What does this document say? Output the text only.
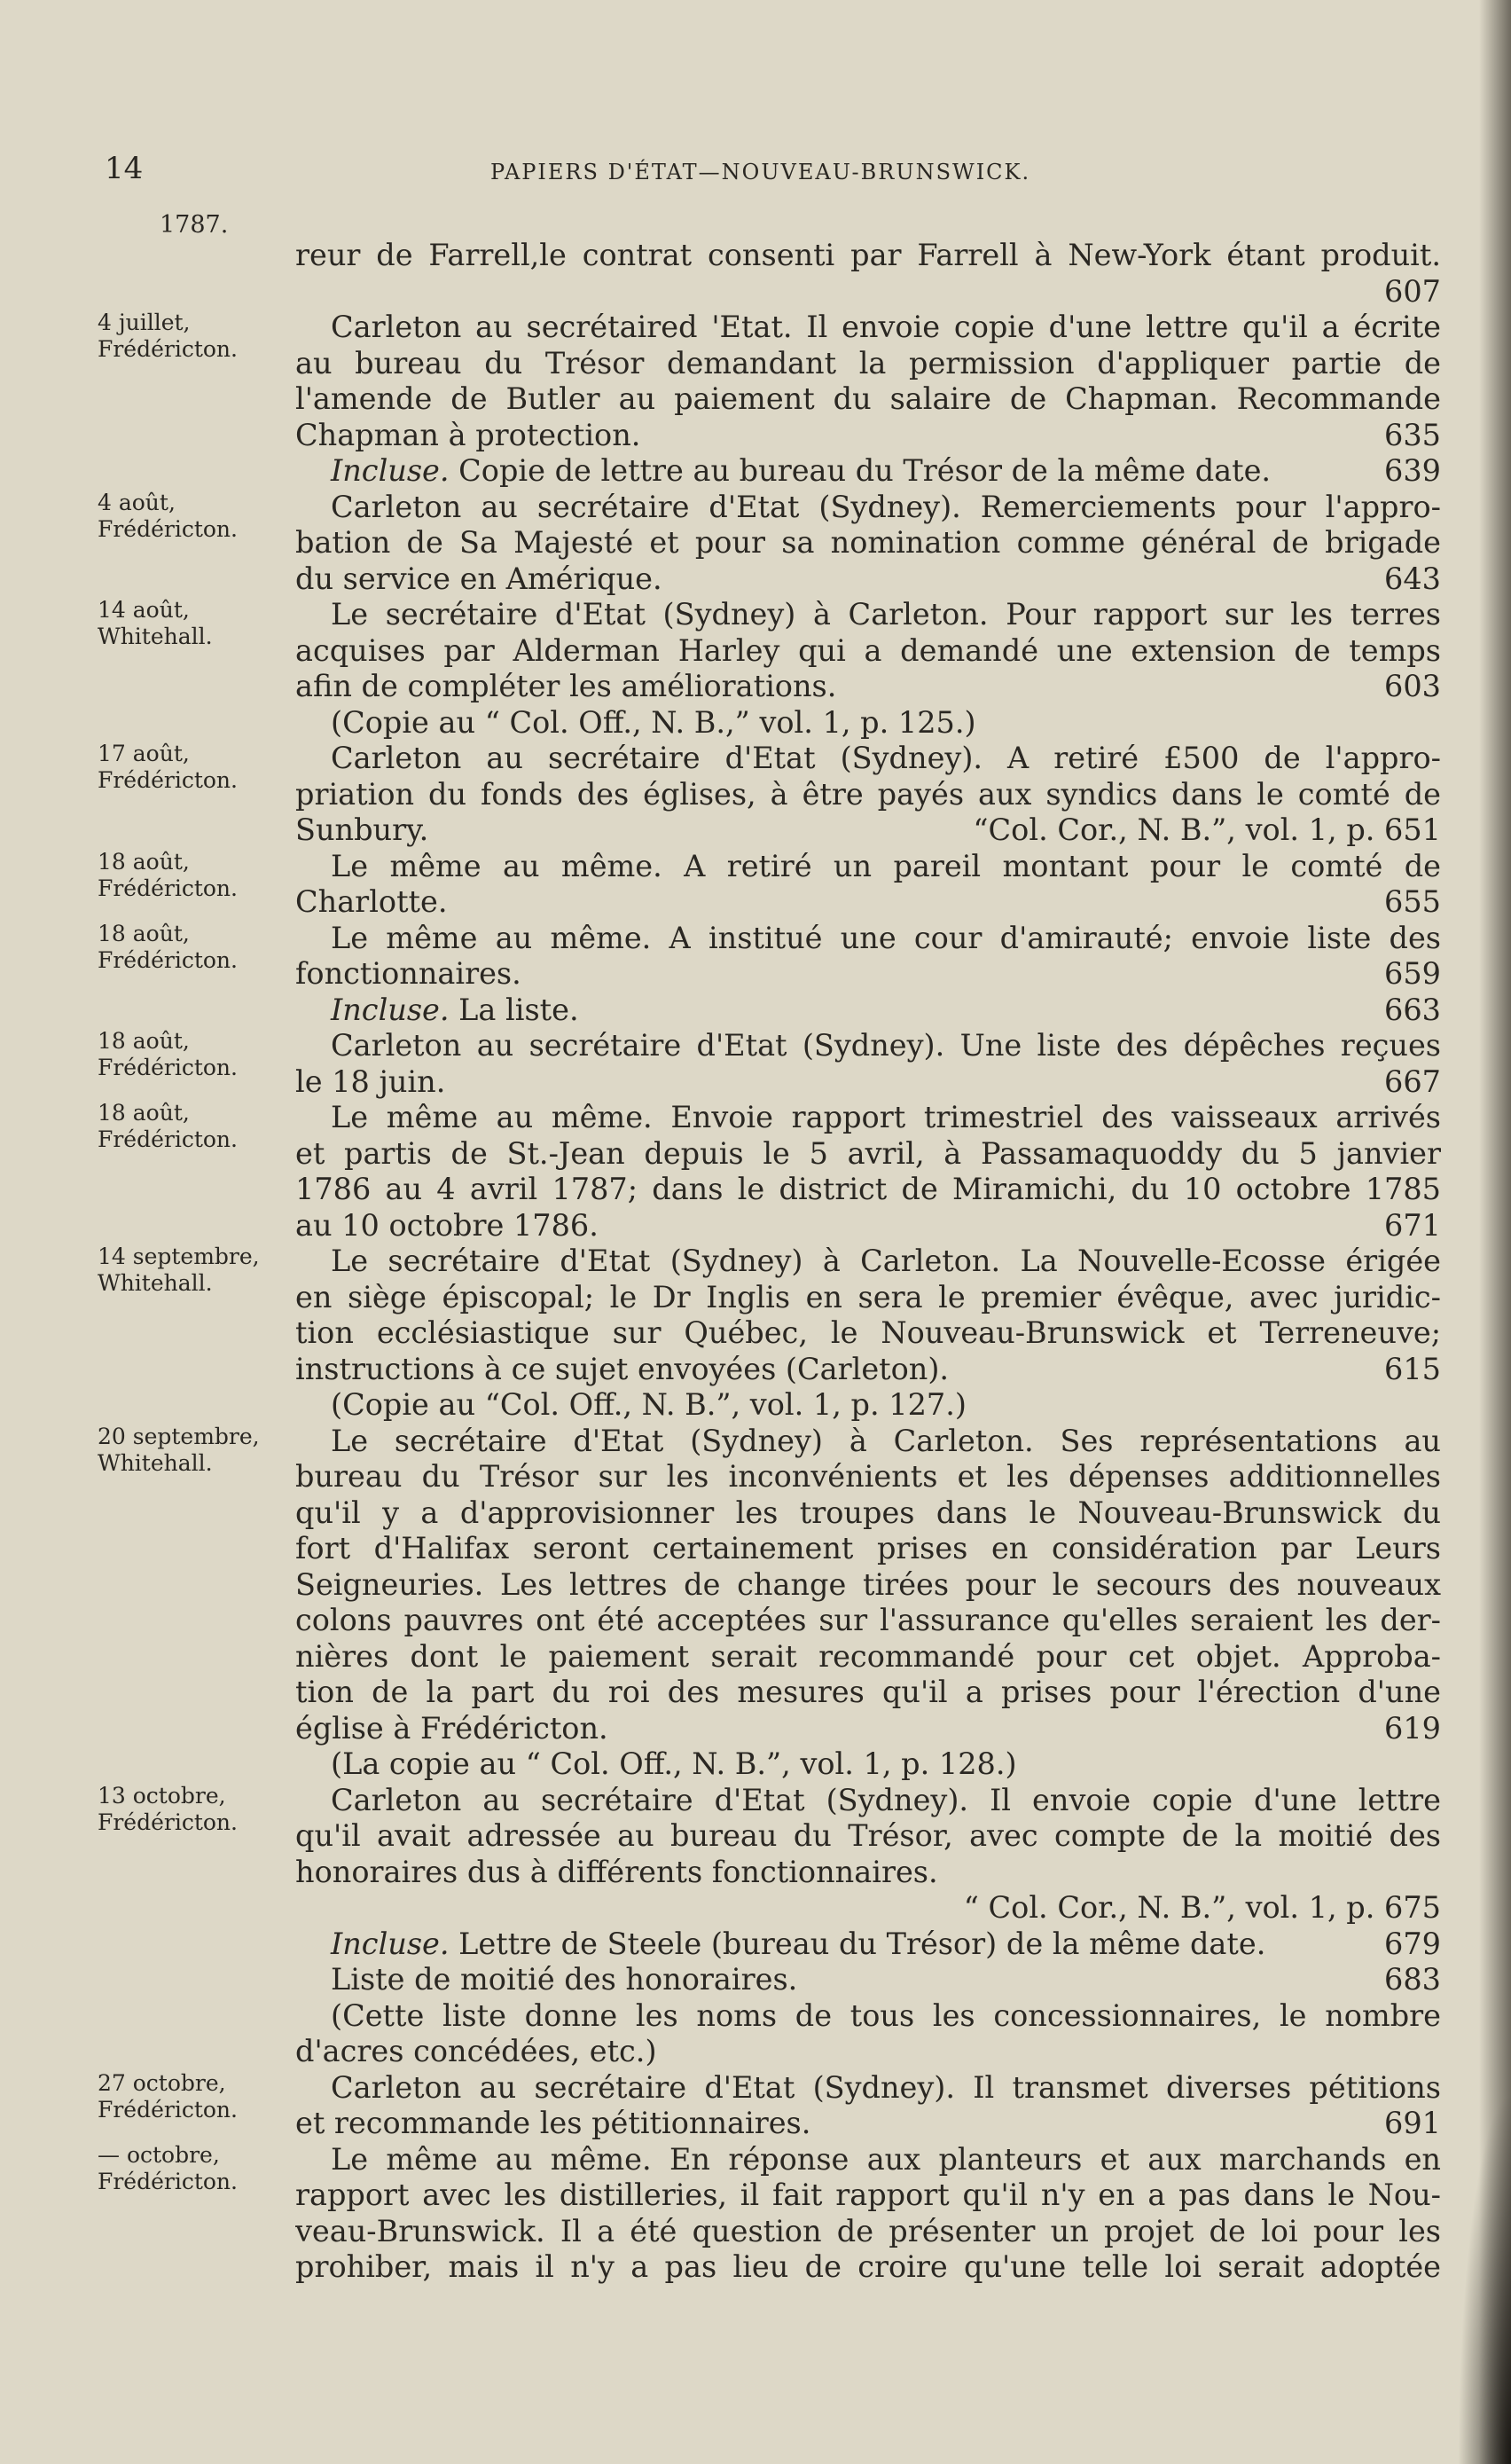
14	PAPIERS D'ÉTAT—NOUVEAU-BRUNSWICK.
1787.
reur de Farrell,le contrat consenti par Farrell à New-York étant produit.
607
4 juillet,
Frédéricton.
Carleton au secrétaired 'Etat. Il envoie copie d'une lettre qu'il a écrite
au bureau du Trésor demandant la permission d'appliquer partie de
l'amende de Butler au paiement du salaire de Chapman. Recommande
Chapman à protection.	635
Incluse. Copie de lettre au bureau du Trésor de la même date.	639
4 août,
Frédéricton.
Carleton au secrétaire d'Etat (Sydney). Remerciements pour l'appro-
bation de Sa Majesté et pour sa nomination comme général de brigade
du service en Amérique.	643
14 août,
Whitehall.
Le secrétaire d'Etat (Sydney) à Carleton. Pour rapport sur les terres
acquises par Alderman Harley qui a demandé une extension de temps
afin de compléter les améliorations.	603
(Copie au “ Col. Off., N. B.,” vol. 1, p. 125.)
17 août,
Frédéricton.
Carleton au secrétaire d'Etat (Sydney). A retiré £500 de l'appro-
priation du fonds des églises, à être payés aux syndics dans le comté de
Sunbury.	“Col. Cor., N. B.”, vol. 1, p. 651
18 août,
Frédéricton.
Le même au même. A retiré un pareil montant pour le comté de
Charlotte.	655
18 août,
Frédéricton.
Le même au même. A institué une cour d'amirauté; envoie liste des
fonctionnaires.	659
Incluse. La liste.	663
18 août,
Frédéricton.
Carleton au secrétaire d'Etat (Sydney). Une liste des dépêches reçues
le 18 juin.	667
18 août,
Frédéricton.
Le même au même. Envoie rapport trimestriel des vaisseaux arrivés
et partis de St.-Jean depuis le 5 avril, à Passamaquoddy du 5 janvier
1786 au 4 avril 1787; dans le district de Miramichi, du 10 octobre 1785
au 10 octobre 1786.	671
14 septembre,
Whitehall.
Le secrétaire d'Etat (Sydney) à Carleton. La Nouvelle-Ecosse érigée
en siège épiscopal; le Dr Inglis en sera le premier évêque, avec juridic-
tion ecclésiastique sur Québec, le Nouveau-Brunswick et Terreneuve;
instructions à ce sujet envoyées (Carleton).	615
(Copie au “Col. Off., N. B.”, vol. 1, p. 127.)
20 septembre,
Whitehall.
Le secrétaire d'Etat (Sydney) à Carleton. Ses représentations au
bureau du Trésor sur les inconvénients et les dépenses additionnelles
qu'il y a d'approvisionner les troupes dans le Nouveau-Brunswick du
fort d'Halifax seront certainement prises en considération par Leurs
Seigneuries. Les lettres de change tirées pour le secours des nouveaux
colons pauvres ont été acceptées sur l'assurance qu'elles seraient les der-
nières dont le paiement serait recommandé pour cet objet. Approba-
tion de la part du roi des mesures qu'il a prises pour l'érection d'une
église à Frédéricton.	619
(La copie au “ Col. Off., N. B.”, vol. 1, p. 128.)
13 octobre,
Frédéricton.
Carleton au secrétaire d'Etat (Sydney). Il envoie copie d'une lettre
qu'il avait adressée au bureau du Trésor, avec compte de la moitié des
honoraires dus à différents fonctionnaires.
“ Col. Cor., N. B.”, vol. 1, p. 675
Incluse. Lettre de Steele (bureau du Trésor) de la même date.	679
Liste de moitié des honoraires.	683
(Cette liste donne les noms de tous les concessionnaires, le nombre
d'acres concédées, etc.)
27 octobre,
Frédéricton.
Carleton au secrétaire d'Etat (Sydney). Il transmet diverses pétitions
et recommande les pétitionnaires.	691
— octobre,
Frédéricton.
Le même au même. En réponse aux planteurs et aux marchands en
rapport avec les distilleries, il fait rapport qu'il n'y en a pas dans le Nou-
veau-Brunswick. Il a été question de présenter un projet de loi pour les
prohiber, mais il n'y a pas lieu de croire qu'une telle loi serait adoptée
